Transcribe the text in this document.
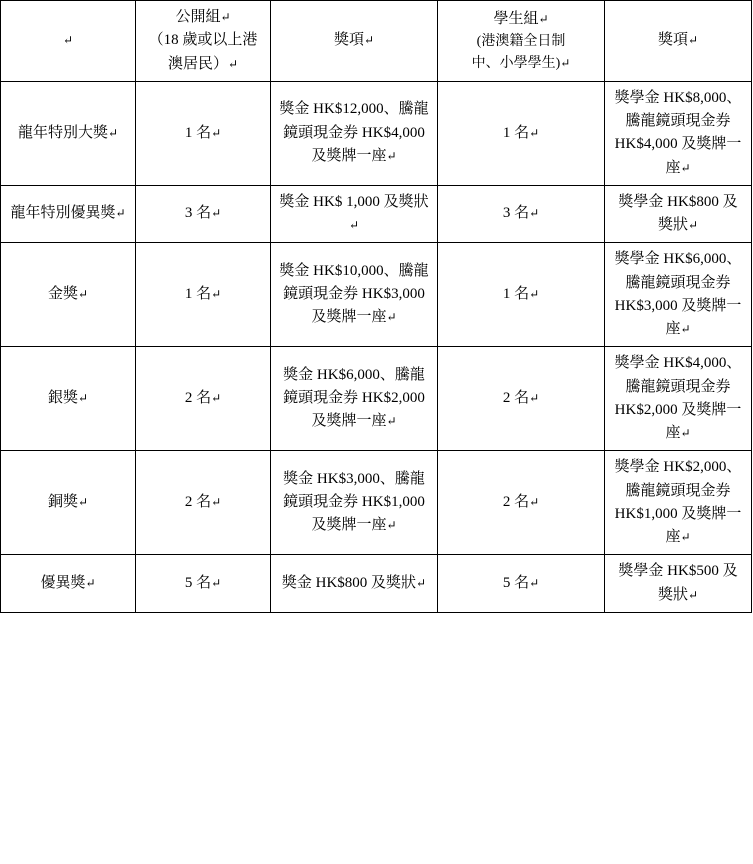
↵	公開組↵
（18 歲或以上港
澳居民）↵	獎項↵	學生組↵
(港澳籍全日制
中、小學學生)↵	獎項↵

龍年特別大獎↵	1 名↵	獎金 HK$12,000、騰龍鏡頭現金券 HK$4,000 及獎牌一座↵	1 名↵	獎學金 HK$8,000、騰龍鏡頭現金券 HK$4,000 及獎牌一座↵
龍年特別優異獎↵	3 名↵	獎金 HK$ 1,000 及獎狀↵	3 名↵	獎學金 HK$800 及獎狀↵
金獎↵	1 名↵	獎金 HK$10,000、騰龍鏡頭現金券 HK$3,000 及獎牌一座↵	1 名↵	獎學金 HK$6,000、騰龍鏡頭現金券 HK$3,000 及獎牌一座↵
銀獎↵	2 名↵	獎金 HK$6,000、騰龍鏡頭現金券 HK$2,000 及獎牌一座↵	2 名↵	獎學金 HK$4,000、騰龍鏡頭現金券 HK$2,000 及獎牌一座↵
銅獎↵	2 名↵	獎金 HK$3,000、騰龍鏡頭現金券 HK$1,000 及獎牌一座↵	2 名↵	獎學金 HK$2,000、騰龍鏡頭現金券 HK$1,000 及獎牌一座↵
優異獎↵	5 名↵	獎金 HK$800 及獎狀↵	5 名↵	獎學金 HK$500 及獎狀↵
